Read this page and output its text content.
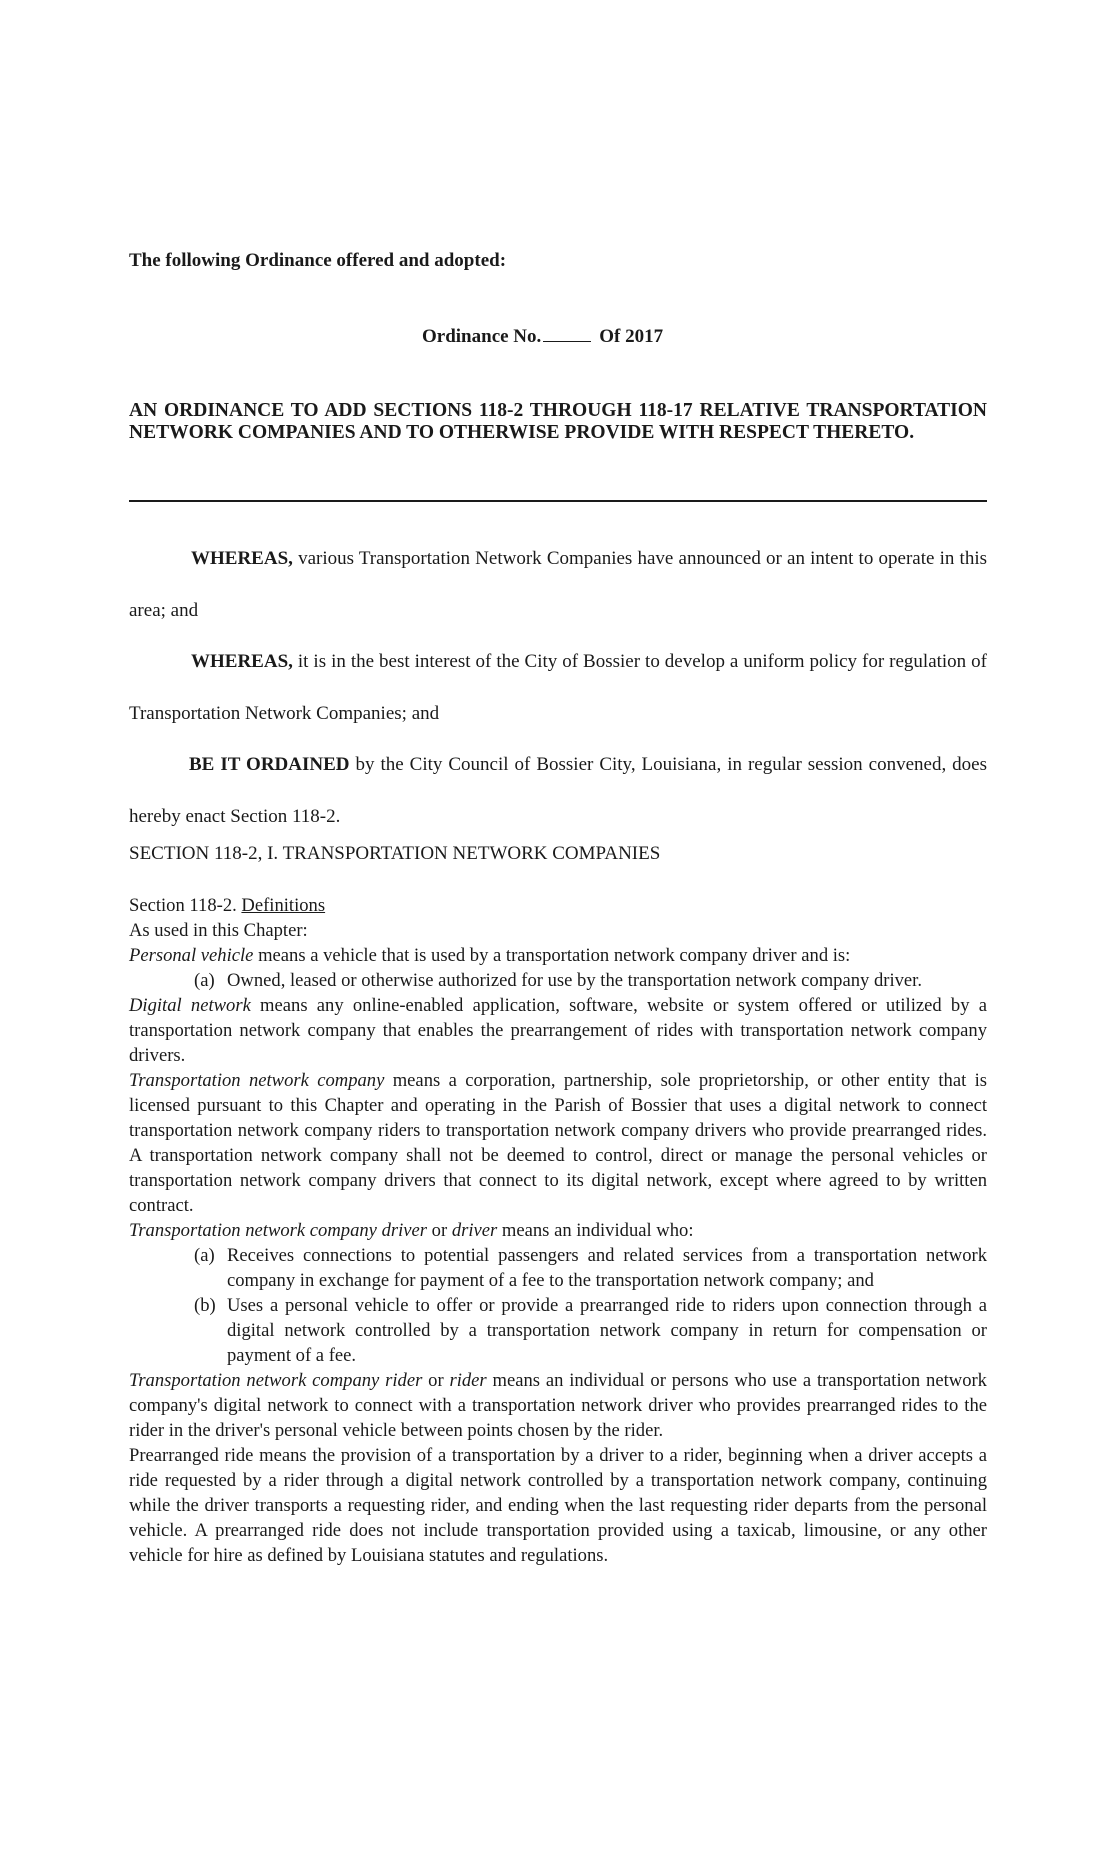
The following Ordinance offered and adopted:
Ordinance No.	Of 2017
AN ORDINANCE TO ADD SECTIONS 118-2 THROUGH 118-17 RELATIVE TRANSPORTATION NETWORK COMPANIES AND TO OTHERWISE PROVIDE WITH RESPECT THERETO.
WHEREAS, various Transportation Network Companies have announced or an intent to operate in this area; and
WHEREAS, it is in the best interest of the City of Bossier to develop a uniform policy for regulation of Transportation Network Companies; and
BE IT ORDAINED by the City Council of Bossier City, Louisiana, in regular session convened, does hereby enact Section 118-2.
SECTION 118-2, I. TRANSPORTATION NETWORK COMPANIES

Section 118-2. Definitions

As used in this Chapter:

Personal vehicle means a vehicle that is used by a transportation network company driver and is:

(a) Owned, leased or otherwise authorized for use by the transportation network company driver.

Digital network means any online-enabled application, software, website or system offered or utilized by a transportation network company that enables the prearrangement of rides with transportation network company drivers.

Transportation network company means a corporation, partnership, sole proprietorship, or other entity that is licensed pursuant to this Chapter and operating in the Parish of Bossier that uses a digital network to connect transportation network company riders to transportation network company drivers who provide prearranged rides. A transportation network company shall not be deemed to control, direct or manage the personal vehicles or transportation network company drivers that connect to its digital network, except where agreed to by written contract.

Transportation network company driver or driver means an individual who:

(a) Receives connections to potential passengers and related services from a transportation network company in exchange for payment of a fee to the transportation network company; and
(b) Uses a personal vehicle to offer or provide a prearranged ride to riders upon connection through a digital network controlled by a transportation network company in return for compensation or payment of a fee.

Transportation network company rider or rider means an individual or persons who use a transportation network company's digital network to connect with a transportation network driver who provides prearranged rides to the rider in the driver's personal vehicle between points chosen by the rider.

Prearranged ride means the provision of a transportation by a driver to a rider, beginning when a driver accepts a ride requested by a rider through a digital network controlled by a transportation network company, continuing while the driver transports a requesting rider, and ending when the last requesting rider departs from the personal vehicle. A prearranged ride does not include transportation provided using a taxicab, limousine, or any other vehicle for hire as defined by Louisiana statutes and regulations.
